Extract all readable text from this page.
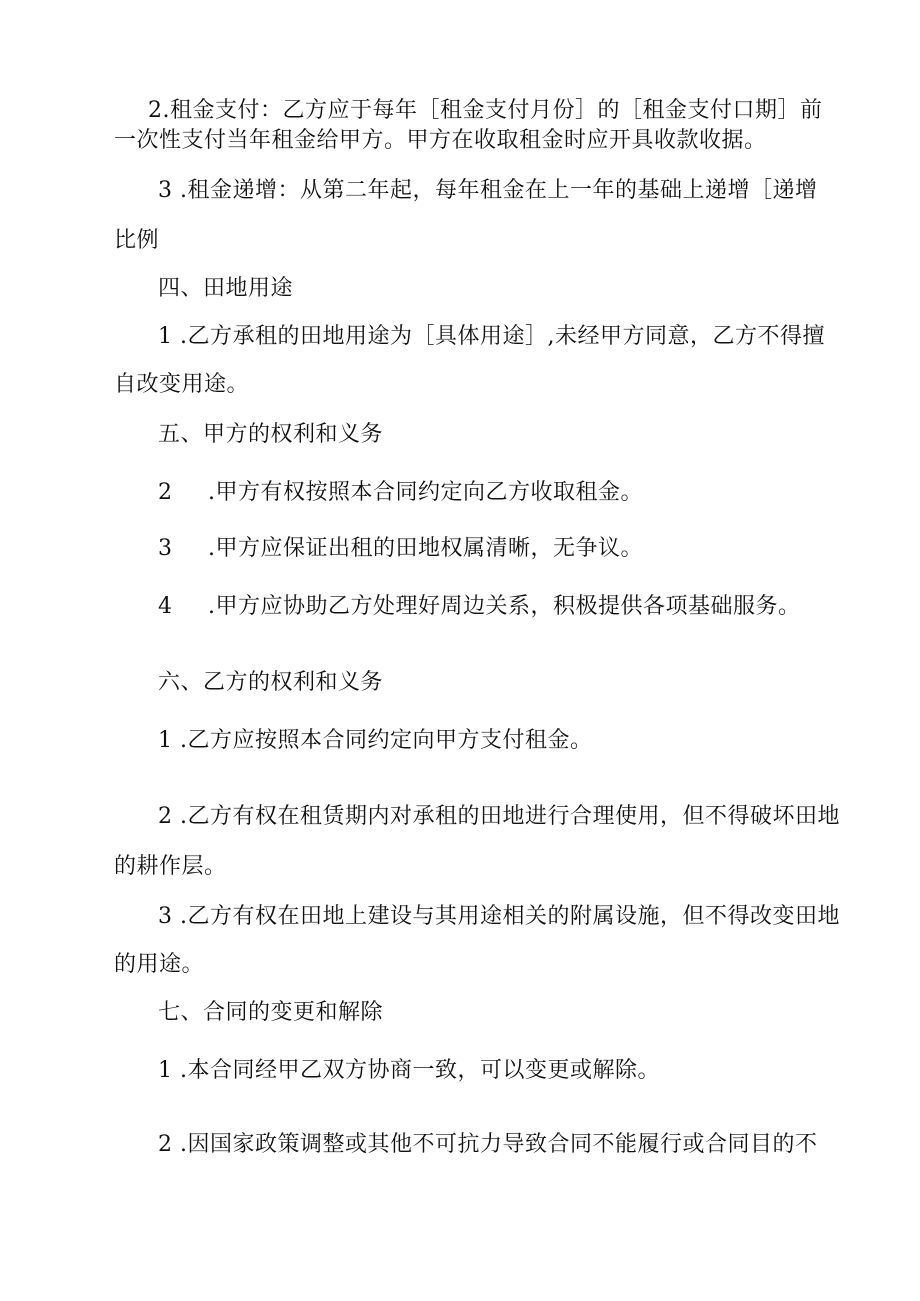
2.租金支付：乙方应于每年［租金支付月份］的［租金支付口期］前

一次性支付当年租金给甲方。甲方在收取租金时应开具收款收据。

3 .租金递增：从第二年起，每年租金在上一年的基础上递增［递增

比例

四、田地用途

1 .乙方承租的田地用途为［具体用途］,未经甲方同意，乙方不得擅

自改变用途。

五、甲方的权利和义务

2 .甲方有权按照本合同约定向乙方收取租金。

3 .甲方应保证出租的田地权属清晰，无争议。

4 .甲方应协助乙方处理好周边关系，积极提供各项基础服务。

六、乙方的权利和义务

1 .乙方应按照本合同约定向甲方支付租金。

2 .乙方有权在租赁期内对承租的田地进行合理使用，但不得破坏田地

的耕作层。

3 .乙方有权在田地上建设与其用途相关的附属设施，但不得改变田地

的用途。

七、合同的变更和解除

1 .本合同经甲乙双方协商一致，可以变更或解除。

2 .因国家政策调整或其他不可抗力导致合同不能履行或合同目的不
